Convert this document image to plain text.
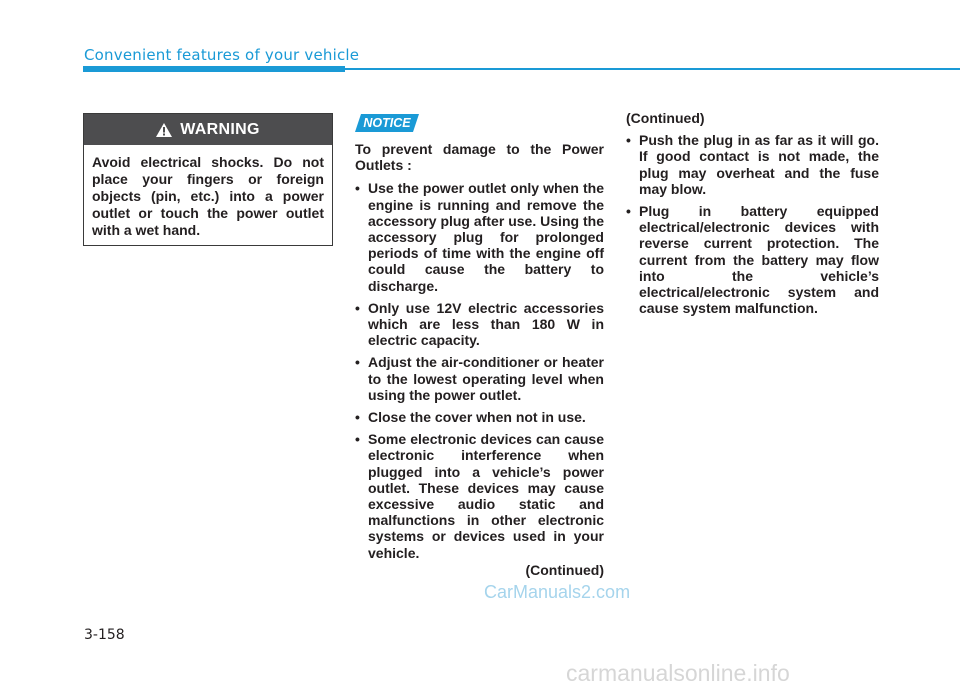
Convenient features of your vehicle
WARNING
Avoid electrical shocks. Do not place your fingers or foreign objects (pin, etc.) into a power outlet or touch the power outlet with a wet hand.
NOTICE

To prevent damage to the Power Outlets :

• Use the power outlet only when the engine is running and remove the accessory plug after use. Using the accessory plug for prolonged periods of time with the engine off could cause the battery to discharge.
• Only use 12V electric accessories which are less than 180 W in electric capacity.
• Adjust the air-conditioner or heater to the lowest operating level when using the power outlet.
• Close the cover when not in use.
• Some electronic devices can cause electronic interference when plugged into a vehicle’s power outlet. These devices may cause excessive audio static and malfunctions in other electronic systems or devices used in your vehicle.

(Continued)

(Continued)

• Push the plug in as far as it will go. If good contact is not made, the plug may overheat and the fuse may blow.
• Plug in battery equipped electrical/electronic devices with reverse current protection. The current from the battery may flow into the vehicle’s electrical/electronic system and cause system malfunction.
CarManuals2.com
3-158
carmanualsonline.info
